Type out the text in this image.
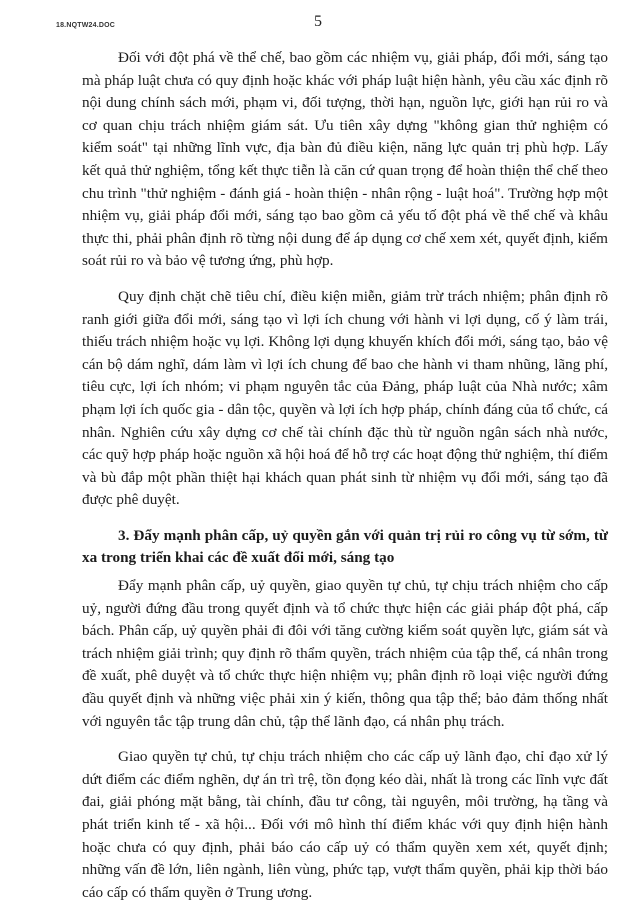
18.NQTW24.DOC	5

Đối với đột phá về thể chế, bao gồm các nhiệm vụ, giải pháp, đổi mới, sáng tạo mà pháp luật chưa có quy định hoặc khác với pháp luật hiện hành, yêu cầu xác định rõ nội dung chính sách mới, phạm vi, đối tượng, thời hạn, nguồn lực, giới hạn rủi ro và cơ quan chịu trách nhiệm giám sát. Ưu tiên xây dựng "không gian thử nghiệm có kiểm soát" tại những lĩnh vực, địa bàn đủ điều kiện, năng lực quản trị phù hợp. Lấy kết quả thử nghiệm, tổng kết thực tiễn là căn cứ quan trọng để hoàn thiện thể chế theo chu trình "thử nghiệm - đánh giá - hoàn thiện - nhân rộng - luật hoá". Trường hợp một nhiệm vụ, giải pháp đổi mới, sáng tạo bao gồm cả yếu tố đột phá về thể chế và khâu thực thi, phải phân định rõ từng nội dung để áp dụng cơ chế xem xét, quyết định, kiểm soát rủi ro và bảo vệ tương ứng, phù hợp.

Quy định chặt chẽ tiêu chí, điều kiện miễn, giảm trừ trách nhiệm; phân định rõ ranh giới giữa đổi mới, sáng tạo vì lợi ích chung với hành vi lợi dụng, cố ý làm trái, thiếu trách nhiệm hoặc vụ lợi. Không lợi dụng khuyến khích đổi mới, sáng tạo, bảo vệ cán bộ dám nghĩ, dám làm vì lợi ích chung để bao che hành vi tham nhũng, lãng phí, tiêu cực, lợi ích nhóm; vi phạm nguyên tắc của Đảng, pháp luật của Nhà nước; xâm phạm lợi ích quốc gia - dân tộc, quyền và lợi ích hợp pháp, chính đáng của tổ chức, cá nhân. Nghiên cứu xây dựng cơ chế tài chính đặc thù từ nguồn ngân sách nhà nước, các quỹ hợp pháp hoặc nguồn xã hội hoá để hỗ trợ các hoạt động thử nghiệm, thí điểm và bù đắp một phần thiệt hại khách quan phát sinh từ nhiệm vụ đổi mới, sáng tạo đã được phê duyệt.

3. Đẩy mạnh phân cấp, uỷ quyền gắn với quản trị rủi ro công vụ từ sớm, từ xa trong triển khai các đề xuất đổi mới, sáng tạo

Đẩy mạnh phân cấp, uỷ quyền, giao quyền tự chủ, tự chịu trách nhiệm cho cấp uỷ, người đứng đầu trong quyết định và tổ chức thực hiện các giải pháp đột phá, cấp bách. Phân cấp, uỷ quyền phải đi đôi với tăng cường kiểm soát quyền lực, giám sát và trách nhiệm giải trình; quy định rõ thẩm quyền, trách nhiệm của tập thể, cá nhân trong đề xuất, phê duyệt và tổ chức thực hiện nhiệm vụ; phân định rõ loại việc người đứng đầu quyết định và những việc phải xin ý kiến, thông qua tập thể; bảo đảm thống nhất với nguyên tắc tập trung dân chủ, tập thể lãnh đạo, cá nhân phụ trách.

Giao quyền tự chủ, tự chịu trách nhiệm cho các cấp uỷ lãnh đạo, chỉ đạo xử lý dứt điểm các điểm nghẽn, dự án trì trệ, tồn đọng kéo dài, nhất là trong các lĩnh vực đất đai, giải phóng mặt bằng, tài chính, đầu tư công, tài nguyên, môi trường, hạ tầng và phát triển kinh tế - xã hội... Đối với mô hình thí điểm khác với quy định hiện hành hoặc chưa có quy định, phải báo cáo cấp uỷ có thẩm quyền xem xét, quyết định; những vấn đề lớn, liên ngành, liên vùng, phức tạp, vượt thẩm quyền, phải kịp thời báo cáo cấp có thẩm quyền ở Trung ương.
